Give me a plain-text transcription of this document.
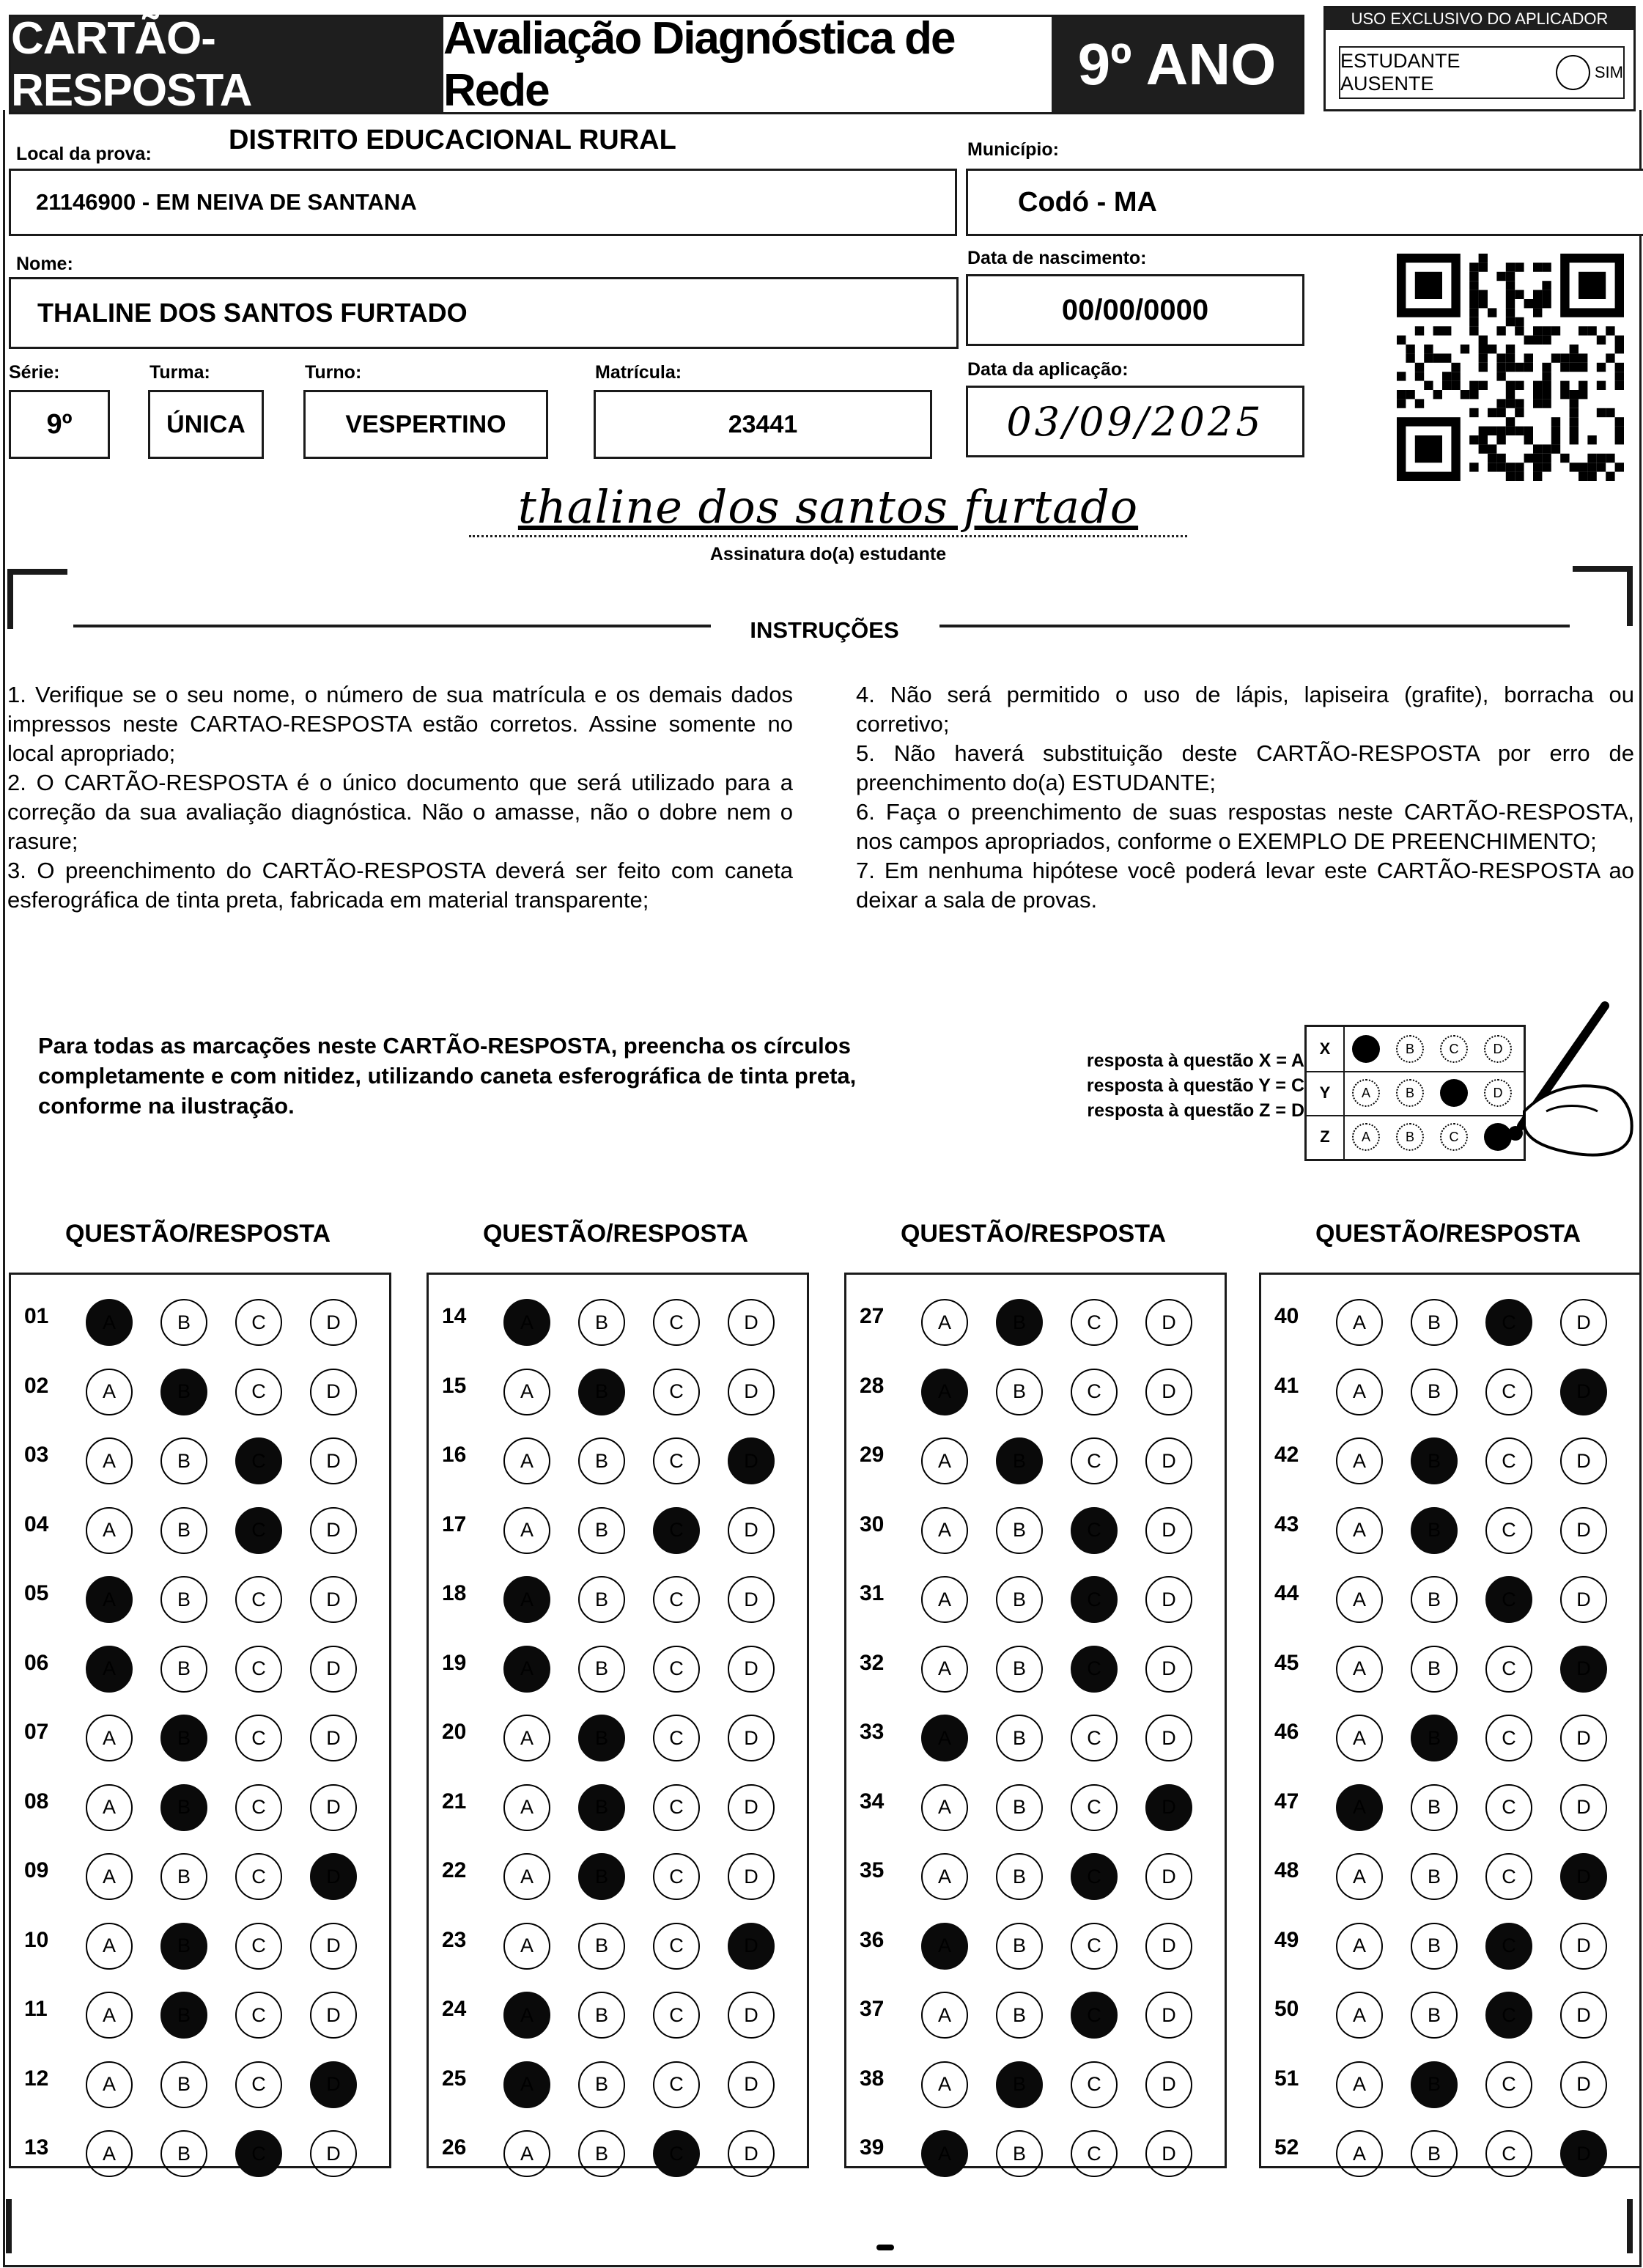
CARTÃO-RESPOSTA
Avaliação Diagnóstica de Rede	9º ANO
USO EXCLUSIVO DO APLICADOR
ESTUDANTE AUSENTE
SIM
Local da prova:	DISTRITO EDUCACIONAL RURAL
21146900 - EM NEIVA DE SANTANA
Município:
Codó - MA
Nome:
THALINE DOS SANTOS FURTADO
Data de nascimento:
00/00/0000
Série:
9º
Turma:
ÚNICA
Turno:
VESPERTINO
Matrícula:
23441
Data da aplicação:
03/09/2025
thaline dos santos furtado
Assinatura do(a) estudante
INSTRUÇÕES

1. Verifique se o seu nome, o número de sua matrícula e os demais dados impressos neste CARTAO-RESPOSTA estão corretos. Assine somente no local apropriado;

2. O CARTÃO-RESPOSTA é o único documento que será utilizado para a correção da sua avaliação diagnóstica. Não o amasse, não o dobre nem o rasure;

3. O preenchimento do CARTÃO-RESPOSTA deverá ser feito com caneta esferográfica de tinta preta, fabricada em material transparente;

4. Não será permitido o uso de lápis, lapiseira (grafite), borracha ou corretivo;

5. Não haverá substituição deste CARTÃO-RESPOSTA por erro de preenchimento do(a) ESTUDANTE;

6. Faça o preenchimento de suas respostas neste CARTÃO-RESPOSTA, nos campos apropriados, conforme o EXEMPLO DE PREENCHIMENTO;

7. Em nenhuma hipótese você poderá levar este CARTÃO-RESPOSTA ao deixar a sala de provas.

Para todas as marcações neste CARTÃO-RESPOSTA, preencha os círculos completamente e com nitidez, utilizando caneta esferográfica de tinta preta, conforme na ilustração.
resposta à questão X = A
resposta à questão Y = C
resposta à questão Z = D
X	A	B	C	D
Y	A	B	C	D
Z	A	B	C	D
QUESTÃO/RESPOSTA	QUESTÃO/RESPOSTA	QUESTÃO/RESPOSTA	QUESTÃO/RESPOSTA
01	A	B	C	D
02	A	B	C	D
03	A	B	C	D
04	A	B	C	D
05	A	B	C	D
06	A	B	C	D
07	A	B	C	D
08	A	B	C	D
09	A	B	C	D
10	A	B	C	D
11	A	B	C	D
12	A	B	C	D
13	A	B	C	D
14	A	B	C	D
15	A	B	C	D
16	A	B	C	D
17	A	B	C	D
18	A	B	C	D
19	A	B	C	D
20	A	B	C	D
21	A	B	C	D
22	A	B	C	D
23	A	B	C	D
24	A	B	C	D
25	A	B	C	D
26	A	B	C	D
27	A	B	C	D
28	A	B	C	D
29	A	B	C	D
30	A	B	C	D
31	A	B	C	D
32	A	B	C	D
33	A	B	C	D
34	A	B	C	D
35	A	B	C	D
36	A	B	C	D
37	A	B	C	D
38	A	B	C	D
39	A	B	C	D
40	A	B	C	D
41	A	B	C	D
42	A	B	C	D
43	A	B	C	D
44	A	B	C	D
45	A	B	C	D
46	A	B	C	D
47	A	B	C	D
48	A	B	C	D
49	A	B	C	D
50	A	B	C	D
51	A	B	C	D
52	A	B	C	D
